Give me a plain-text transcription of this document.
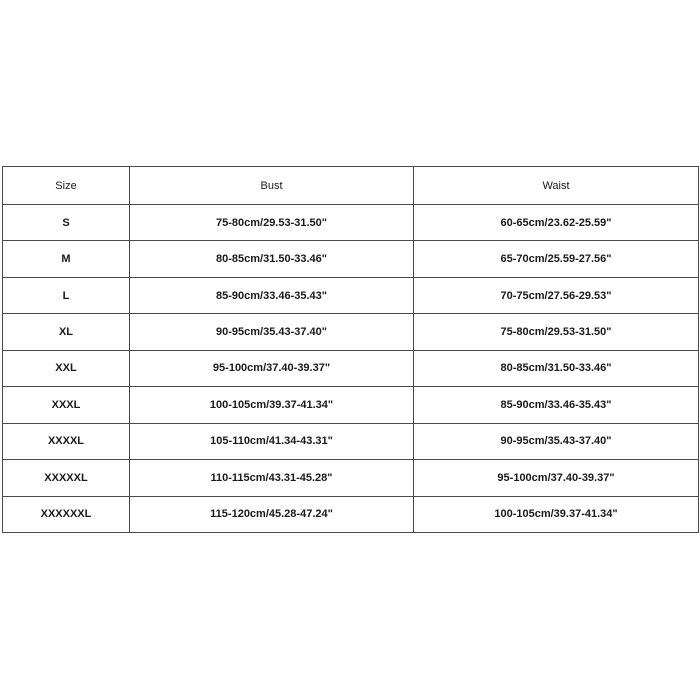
Size	Bust	Waist
S	75-80cm/29.53-31.50"	60-65cm/23.62-25.59"
M	80-85cm/31.50-33.46"	65-70cm/25.59-27.56"
L	85-90cm/33.46-35.43"	70-75cm/27.56-29.53"
XL	90-95cm/35.43-37.40"	75-80cm/29.53-31.50"
XXL	95-100cm/37.40-39.37"	80-85cm/31.50-33.46"
XXXL	100-105cm/39.37-41.34"	85-90cm/33.46-35.43"
XXXXL	105-110cm/41.34-43.31"	90-95cm/35.43-37.40"
XXXXXL	110-115cm/43.31-45.28"	95-100cm/37.40-39.37"
XXXXXXL	115-120cm/45.28-47.24"	100-105cm/39.37-41.34"
